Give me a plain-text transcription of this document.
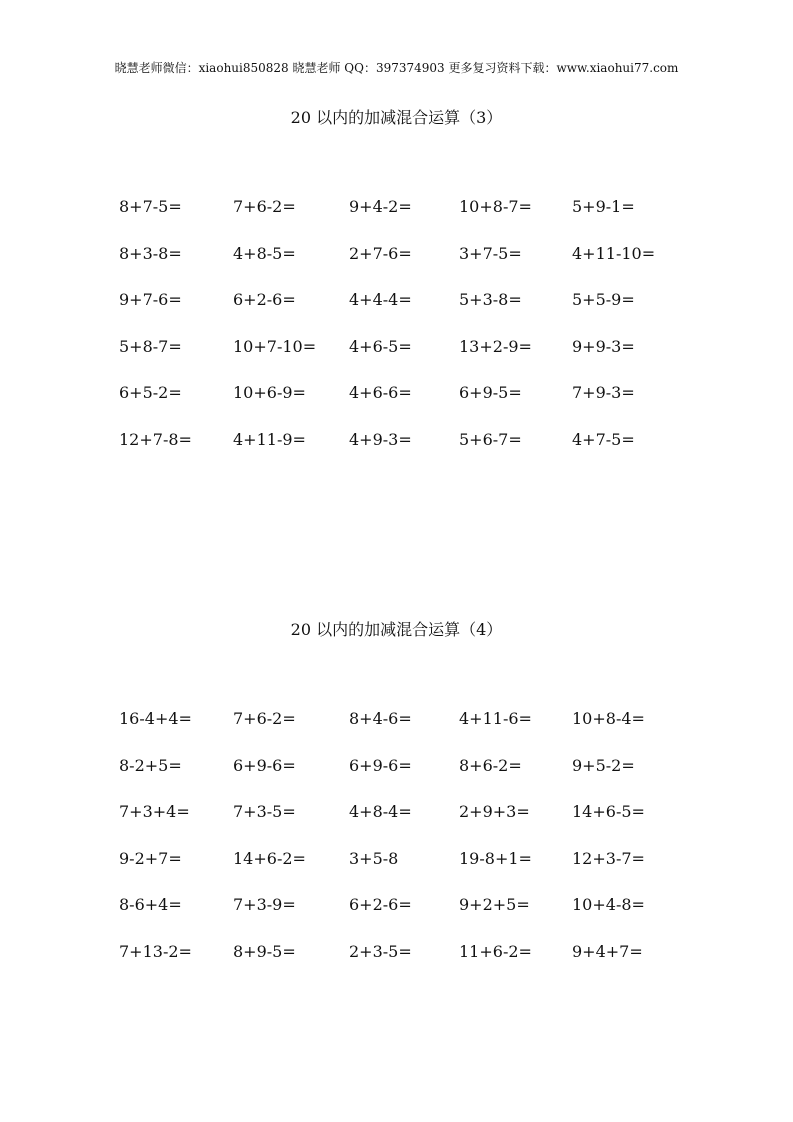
晓慧老师微信：xiaohui850828 晓慧老师 QQ：397374903 更多复习资料下载：www.xiaohui77.com
20 以内的加减混合运算（3）
8+7-5=	7+6-2=	9+4-2=	10+8-7=	5+9-1=
8+3-8=	4+8-5=	2+7-6=	3+7-5=	4+11-10=
9+7-6=	6+2-6=	4+4-4=	5+3-8=	5+5-9=
5+8-7=	10+7-10=	4+6-5=	13+2-9=	9+9-3=
6+5-2=	10+6-9=	4+6-6=	6+9-5=	7+9-3=
12+7-8=	4+11-9=	4+9-3=	5+6-7=	4+7-5=
20 以内的加减混合运算（4）
16-4+4=	7+6-2=	8+4-6=	4+11-6=	10+8-4=
8-2+5=	6+9-6=	6+9-6=	8+6-2=	9+5-2=
7+3+4=	7+3-5=	4+8-4=	2+9+3=	14+6-5=
9-2+7=	14+6-2=	3+5-8	19-8+1=	12+3-7=
8-6+4=	7+3-9=	6+2-6=	9+2+5=	10+4-8=
7+13-2=	8+9-5=	2+3-5=	11+6-2=	9+4+7=
